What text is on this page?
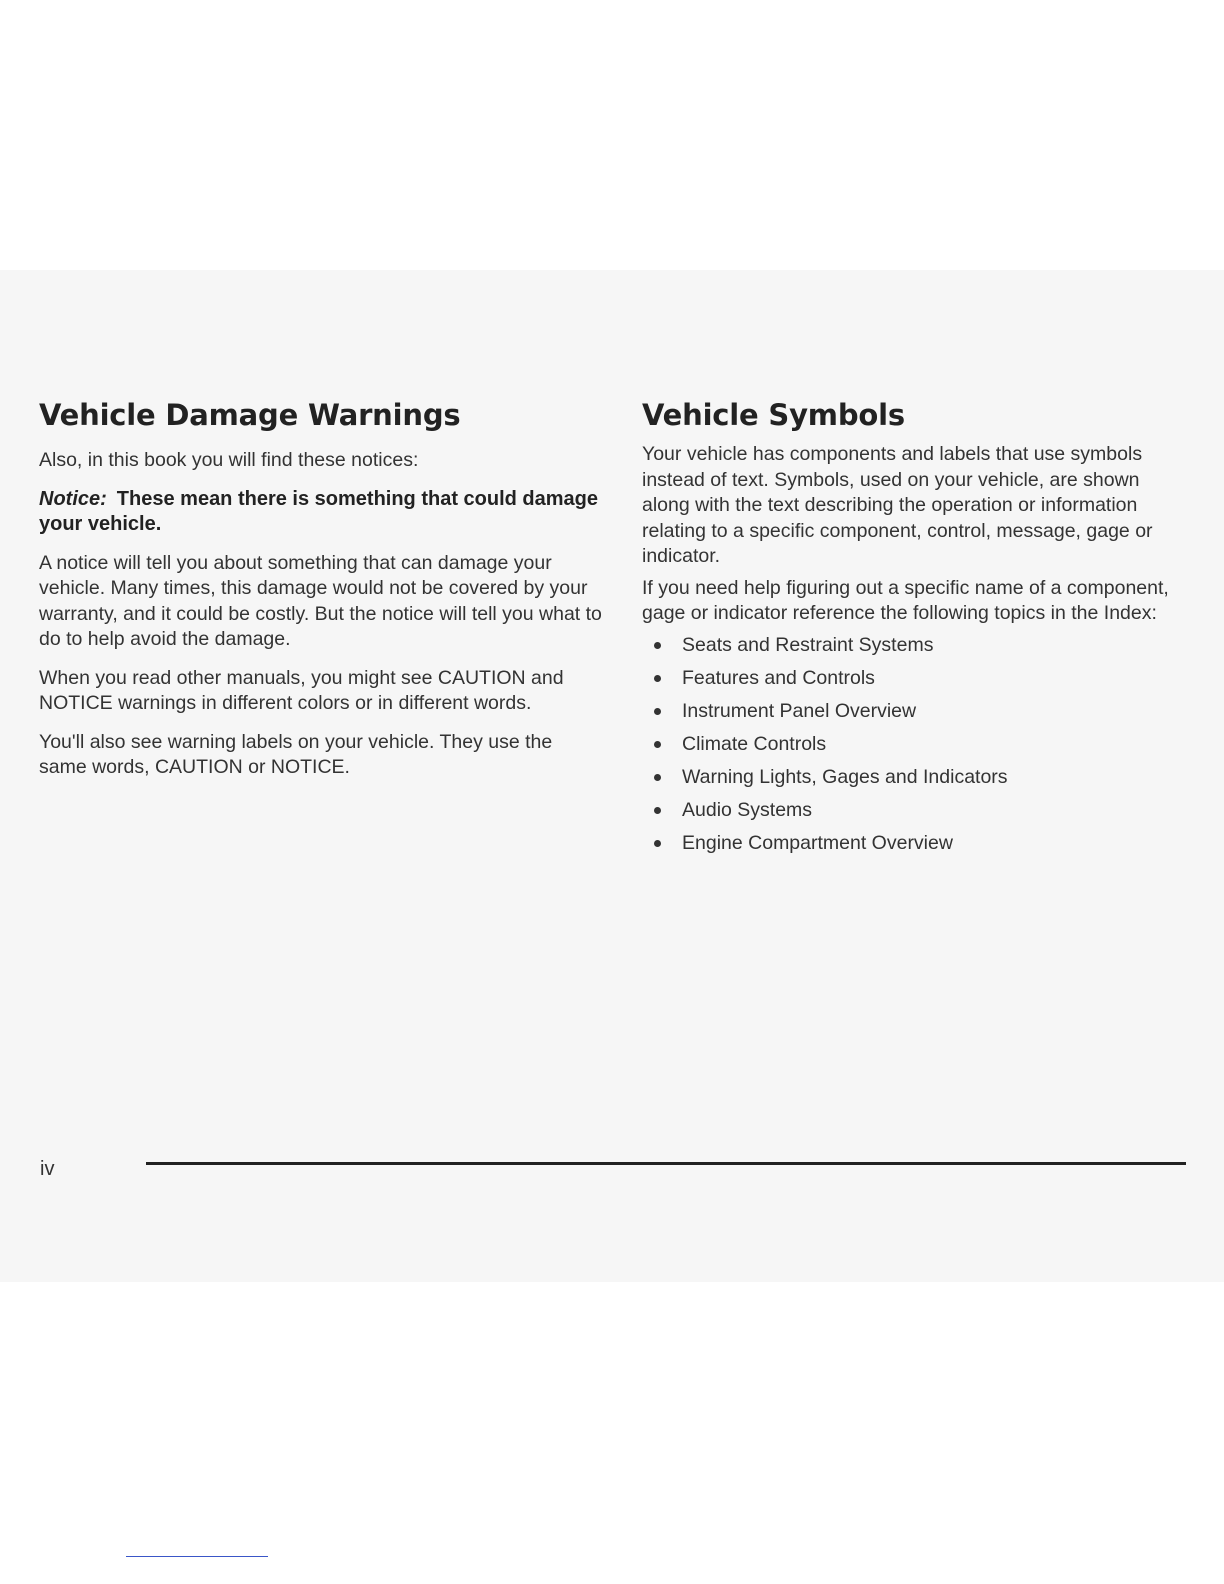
Vehicle Damage Warnings

Also, in this book you will find these notices:

Notice: These mean there is something that could damage your vehicle.

A notice will tell you about something that can damage your vehicle. Many times, this damage would not be covered by your warranty, and it could be costly. But the notice will tell you what to do to help avoid the damage.

When you read other manuals, you might see CAUTION and NOTICE warnings in different colors or in different words.

You'll also see warning labels on your vehicle. They use the same words, CAUTION or NOTICE.

Vehicle Symbols

Your vehicle has components and labels that use symbols instead of text. Symbols, used on your vehicle, are shown along with the text describing the operation or information relating to a specific component, control, message, gage or indicator.

If you need help figuring out a specific name of a component, gage or indicator reference the following topics in the Index:

Seats and Restraint Systems
Features and Controls
Instrument Panel Overview
Climate Controls
Warning Lights, Gages and Indicators
Audio Systems
Engine Compartment Overview
iv
